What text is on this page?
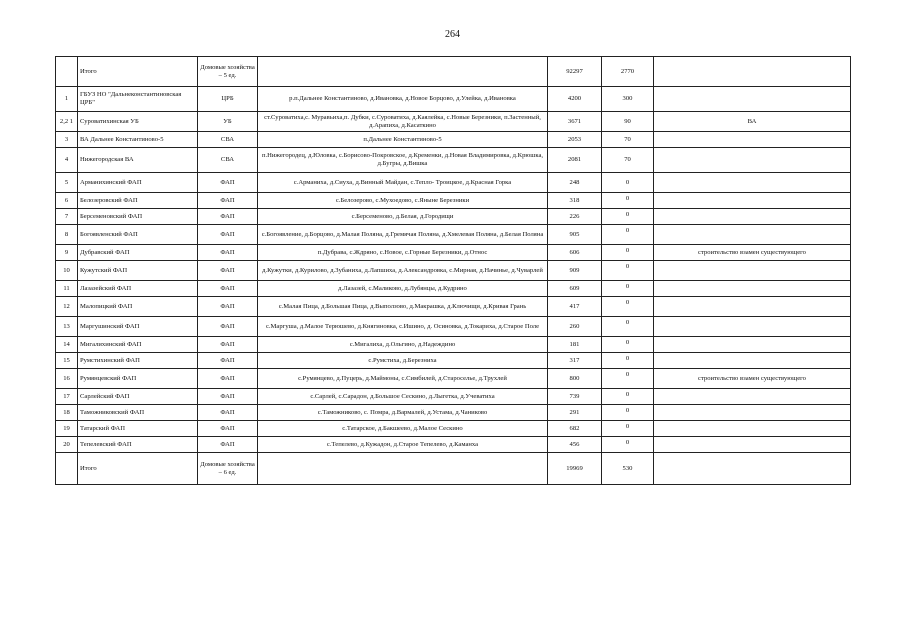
264
	Итого	Домовые хозяйства – 5 ед.		92297	2770	
1	ГБУЗ НО "Дальнеконстантиновская ЦРБ"	ЦРБ	р.п.Дальнее Константиново, д.Ивановка, д.Новое Борцово, д.Улейка, д.Ивановка	4200	300	
2,2 1	Суроватихинская УБ	УБ	ст.Суроватиха,с. Муравьиха,п. Дубки, с.Суроватиха, д.Каялейка, с.Новые Березники, п.Застенный, д.Арапиха, д.Касаткино	3671	90	ВА
3	ВА Дальнее Константиново-5	СВА	п.Дальнее Константиново-5	2053	70	
4	Нижегородская ВА	СВА	п.Нижегородец, д.Юловка, с.Борисово-Покровское, д.Кременки, д.Новая Владимировка, д.Крюшка, д.Бугры, д.Вишка	2081	70	
5	Арманихинский ФАП	ФАП	с.Арманиха, д.Сиуха, д.Винный Майдан, с.Тепло- Троицкое, д.Красная Горка	248	0	
6	Белозеровский ФАП	ФАП	с.Белозерово, с.Мухоедово, с.Яныне Березники	318	0	
7	Берсеменовский ФАП	ФАП	с.Берсеменово, д.Белая, д.Городищи	226	0	
8	Богоявленский ФАП	ФАП	с.Богоявление, д.Борцово, д.Малая Поляна, д.Гремячая Поляна, д.Хмелевая Поляна, д.Белая Поляна	905	0	
9	Дубравский ФАП	ФАП	п.Дубрава, с.Ждряно, с.Новое, с.Горные Березники, д.Относ	606	0	строительство взамен существующего
10	Кужутский ФАП	ФАП	д.Кужутки, д.Курилово, д.Зубаниха, д.Лапшиха, д.Александровка, с.Мирная, д.Начинье, д.Чуварлей	909	0	
11	Лазазейский ФАП	ФАП	д.Лазазей, с.Маликово, д.Лубянцы, д.Кудрино	609	0	
12	Малопицкий ФАП	ФАП	с.Малая Пица, д.Большая Пица, д.Выползово, д.Макрашка, д.Ключищи, д.Кривая Грань	417	0	
13	Маргушинский ФАП	ФАП	с.Маргуша, д.Малое Терюшево, д.Княгиновка, с.Ишино, д. Осиновка, д.Токариха, д.Старое Поле	260	0	
14	Мигалихинский ФАП	ФАП	с.Мигалиха, д.Ольгино, д.Надеждино	181	0	
15	Румстихинский ФАП	ФАП	с.Румстиха, д.Березниха	317	0	
16	Румянцевский ФАП	ФАП	с.Румянцево, д.Пуцерь, д.Маймоны, с.Симбилей, д.Староселье, д.Трухлей	800	0	строительство взамен существующего
17	Сарлейский ФАП	ФАП	с.Сарлей, с.Сарадон, д.Большое Сескино, д.Лыгетка, д.Учеватиха	739	0	
18	Таможниковский ФАП	ФАП	с.Таможниково, с. Помра, д.Вармалей, д.Устама, д.Чаниково	291	0	
19	Татарский ФАП	ФАП	с.Татарское, д.Бакшеево, д.Малое Сескино	682	0	
20	Тепелевский ФАП	ФАП	с.Тепелево, д.Кужадон, д.Старое Тепелево, д.Каманха	456	0	
	Итого	Домовые хозяйства – 6 ед.		19969	530	
